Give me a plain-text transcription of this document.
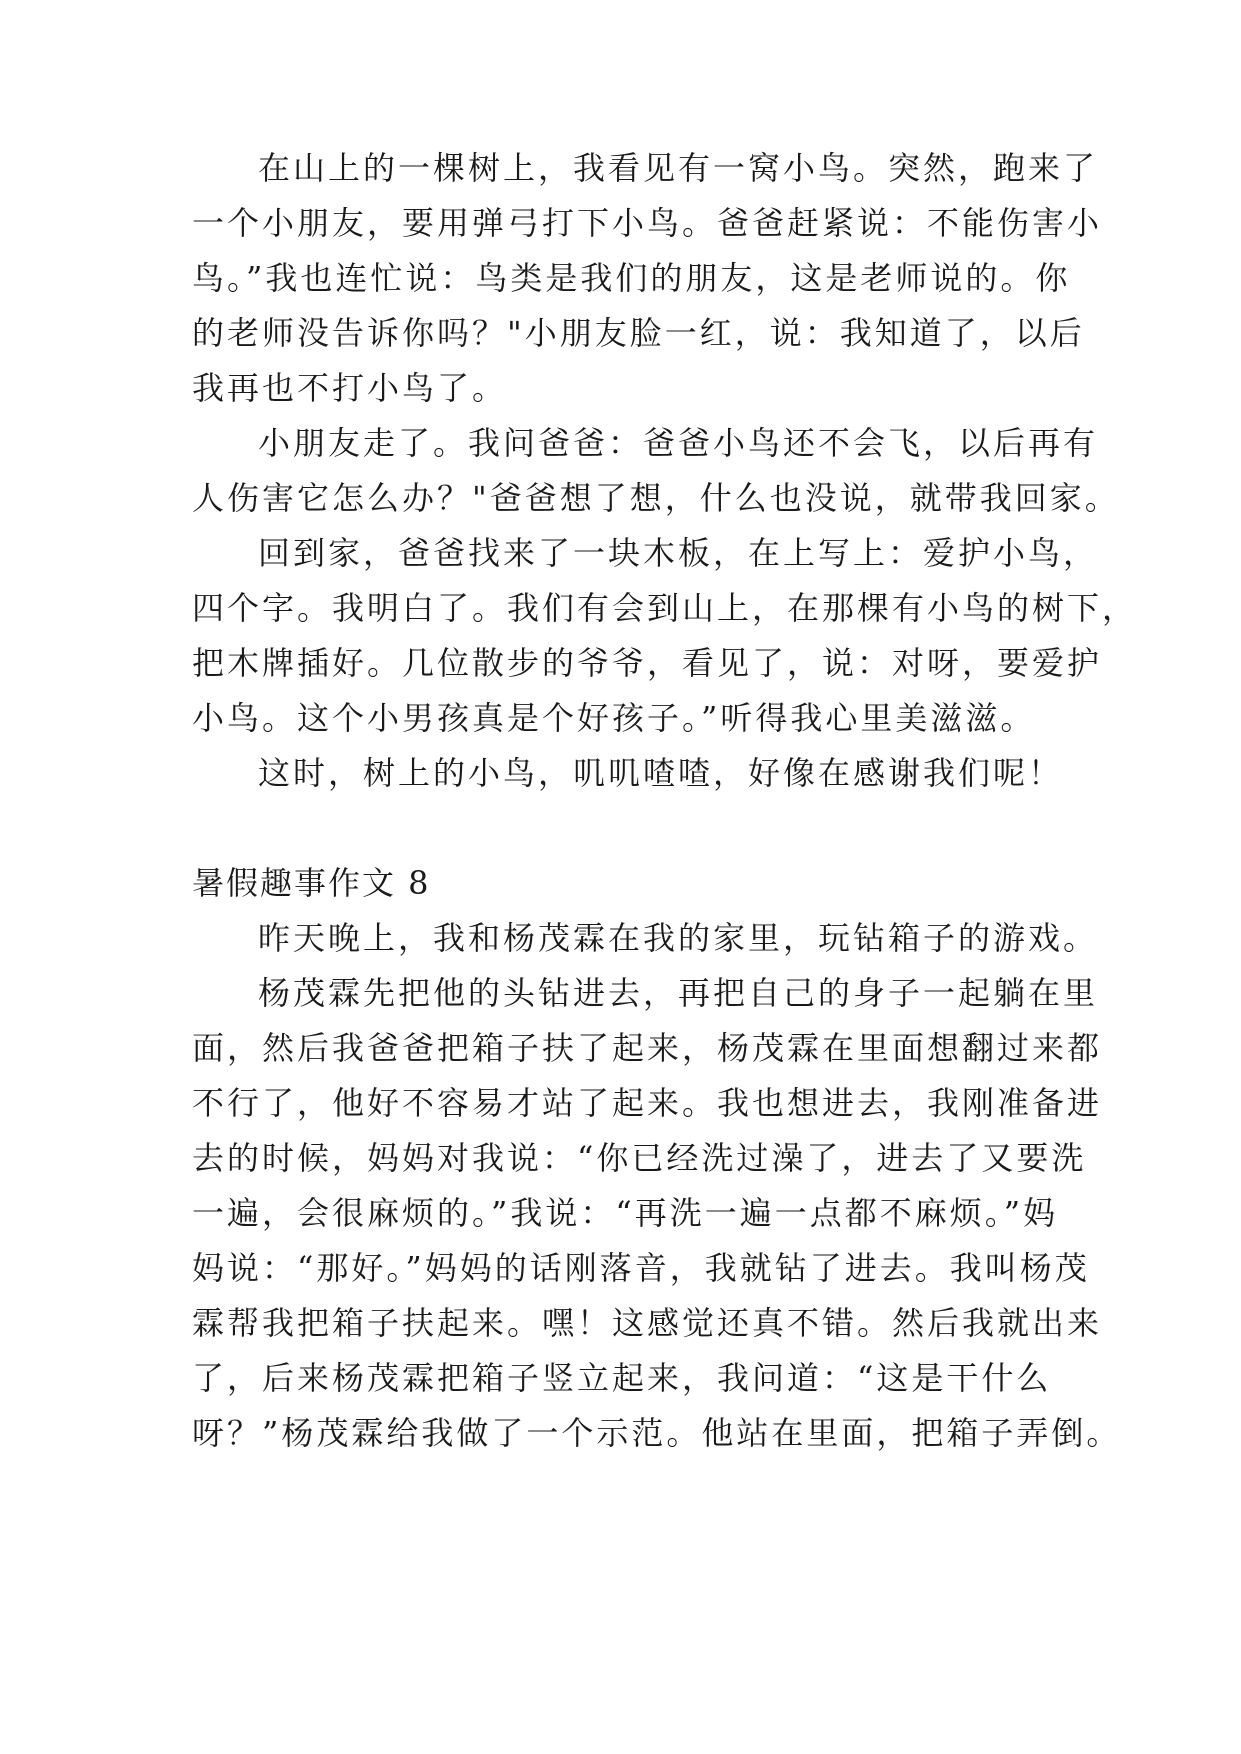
在山上的一棵树上，我看见有一窝小鸟。突然，跑来了
一个小朋友，要用弹弓打下小鸟。爸爸赶紧说：不能伤害小
鸟。”我也连忙说：鸟类是我们的朋友，这是老师说的。你
的老师没告诉你吗？"小朋友脸一红，说：我知道了，以后
我再也不打小鸟了。
小朋友走了。我问爸爸：爸爸小鸟还不会飞，以后再有
人伤害它怎么办？"爸爸想了想，什么也没说，就带我回家。
回到家，爸爸找来了一块木板，在上写上：爱护小鸟，
四个字。我明白了。我们有会到山上，在那棵有小鸟的树下，
把木牌插好。几位散步的爷爷，看见了，说：对呀，要爱护
小鸟。这个小男孩真是个好孩子。”听得我心里美滋滋。
这时，树上的小鸟，叽叽喳喳，好像在感谢我们呢！
暑假趣事作文 8
昨天晚上，我和杨茂霖在我的家里，玩钻箱子的游戏。
杨茂霖先把他的头钻进去，再把自己的身子一起躺在里
面，然后我爸爸把箱子扶了起来，杨茂霖在里面想翻过来都
不行了，他好不容易才站了起来。我也想进去，我刚准备进
去的时候，妈妈对我说：“你已经洗过澡了，进去了又要洗
一遍，会很麻烦的。”我说：“再洗一遍一点都不麻烦。”妈
妈说：“那好。”妈妈的话刚落音，我就钻了进去。我叫杨茂
霖帮我把箱子扶起来。嘿！这感觉还真不错。然后我就出来
了，后来杨茂霖把箱子竖立起来，我问道：“这是干什么
呀？”杨茂霖给我做了一个示范。他站在里面，把箱子弄倒。
